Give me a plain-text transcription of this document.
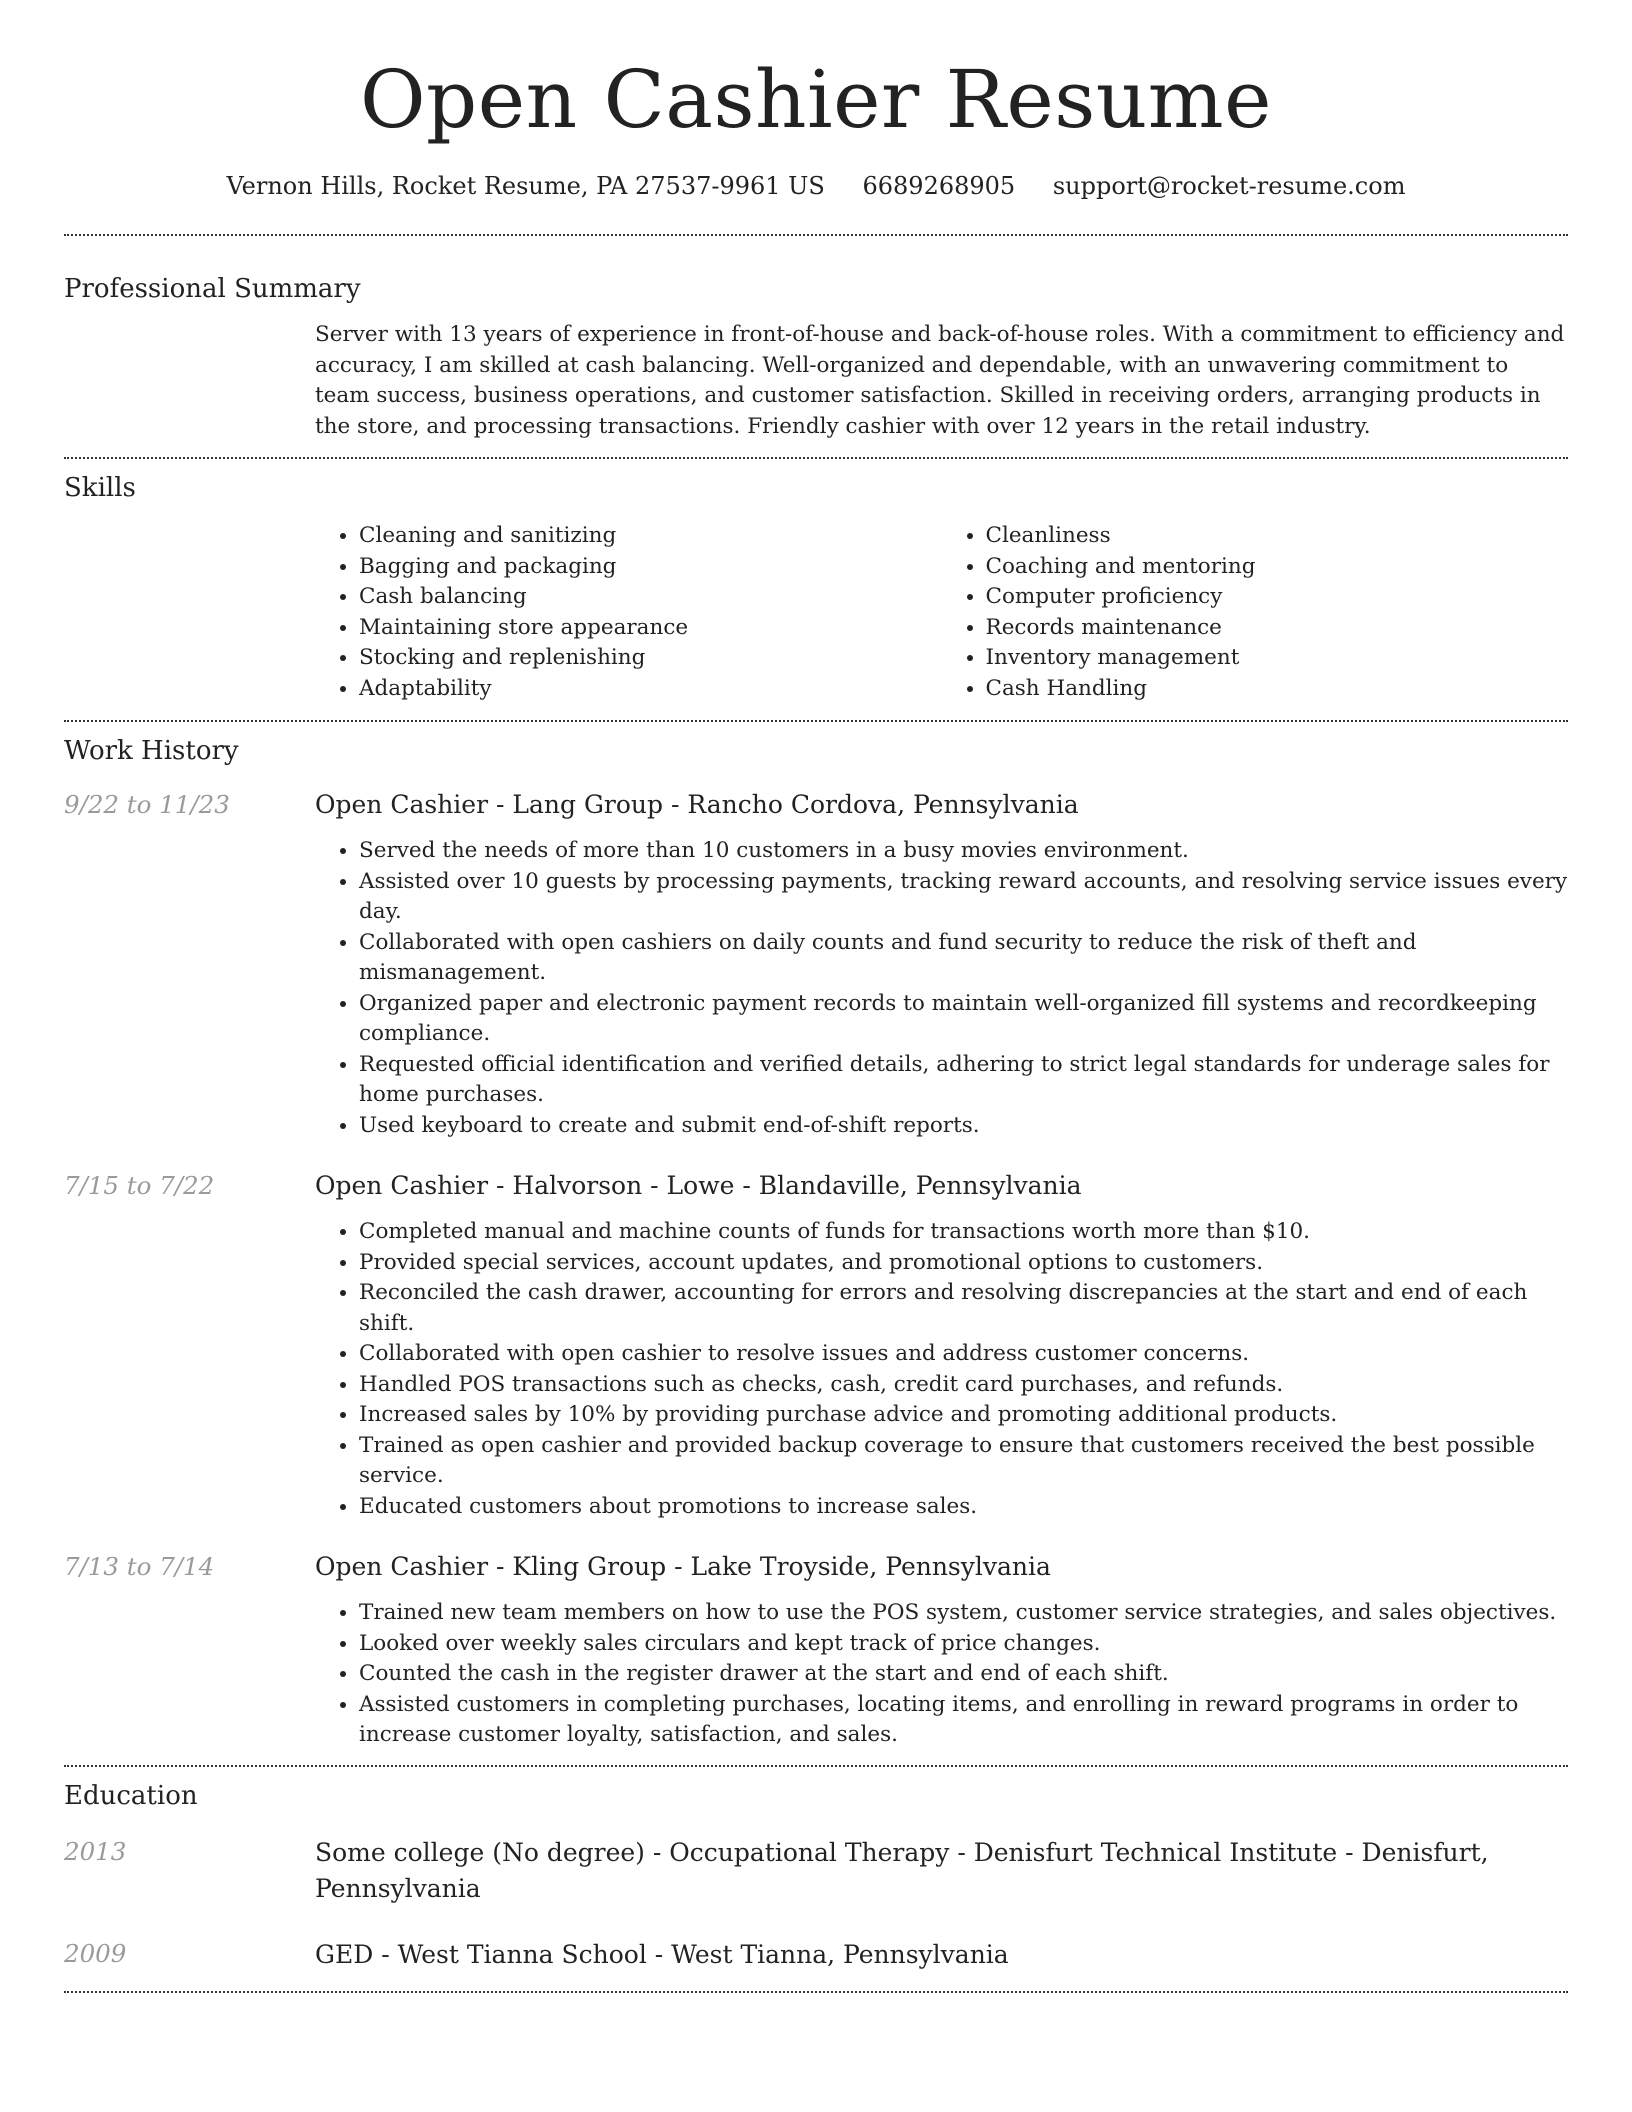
Open Cashier Resume
Vernon Hills, Rocket Resume, PA 27537-9961 US 6689268905 support@rocket-resume.com
Professional Summary

Server with 13 years of experience in front-of-house and back-of-house roles. With a commitment to efficiency and accuracy, I am skilled at cash balancing. Well-organized and dependable, with an unwavering commitment to team success, business operations, and customer satisfaction. Skilled in receiving orders, arranging products in the store, and processing transactions. Friendly cashier with over 12 years in the retail industry.

Skills
• Cleaning and sanitizing
• Bagging and packaging
• Cash balancing
• Maintaining store appearance
• Stocking and replenishing
• Adaptability
• Cleanliness
• Coaching and mentoring
• Computer proficiency
• Records maintenance
• Inventory management
• Cash Handling
Work History
9/22 to 11/23	Open Cashier - Lang Group - Rancho Cordova, Pennsylvania
• Served the needs of more than 10 customers in a busy movies environment.
• Assisted over 10 guests by processing payments, tracking reward accounts, and resolving service issues every day.
• Collaborated with open cashiers on daily counts and fund security to reduce the risk of theft and mismanagement.
• Organized paper and electronic payment records to maintain well-organized fill systems and recordkeeping compliance.
• Requested official identification and verified details, adhering to strict legal standards for underage sales for home purchases.
• Used keyboard to create and submit end-of-shift reports.
7/15 to 7/22	Open Cashier - Halvorson - Lowe - Blandaville, Pennsylvania
• Completed manual and machine counts of funds for transactions worth more than $10.
• Provided special services, account updates, and promotional options to customers.
• Reconciled the cash drawer, accounting for errors and resolving discrepancies at the start and end of each shift.
• Collaborated with open cashier to resolve issues and address customer concerns.
• Handled POS transactions such as checks, cash, credit card purchases, and refunds.
• Increased sales by 10% by providing purchase advice and promoting additional products.
• Trained as open cashier and provided backup coverage to ensure that customers received the best possible service.
• Educated customers about promotions to increase sales.
7/13 to 7/14	Open Cashier - Kling Group - Lake Troyside, Pennsylvania
• Trained new team members on how to use the POS system, customer service strategies, and sales objectives.
• Looked over weekly sales circulars and kept track of price changes.
• Counted the cash in the register drawer at the start and end of each shift.
• Assisted customers in completing purchases, locating items, and enrolling in reward programs in order to increase customer loyalty, satisfaction, and sales.
Education
2013	Some college (No degree) - Occupational Therapy - Denisfurt Technical Institute - Denisfurt, Pennsylvania
2009	GED - West Tianna School - West Tianna, Pennsylvania
